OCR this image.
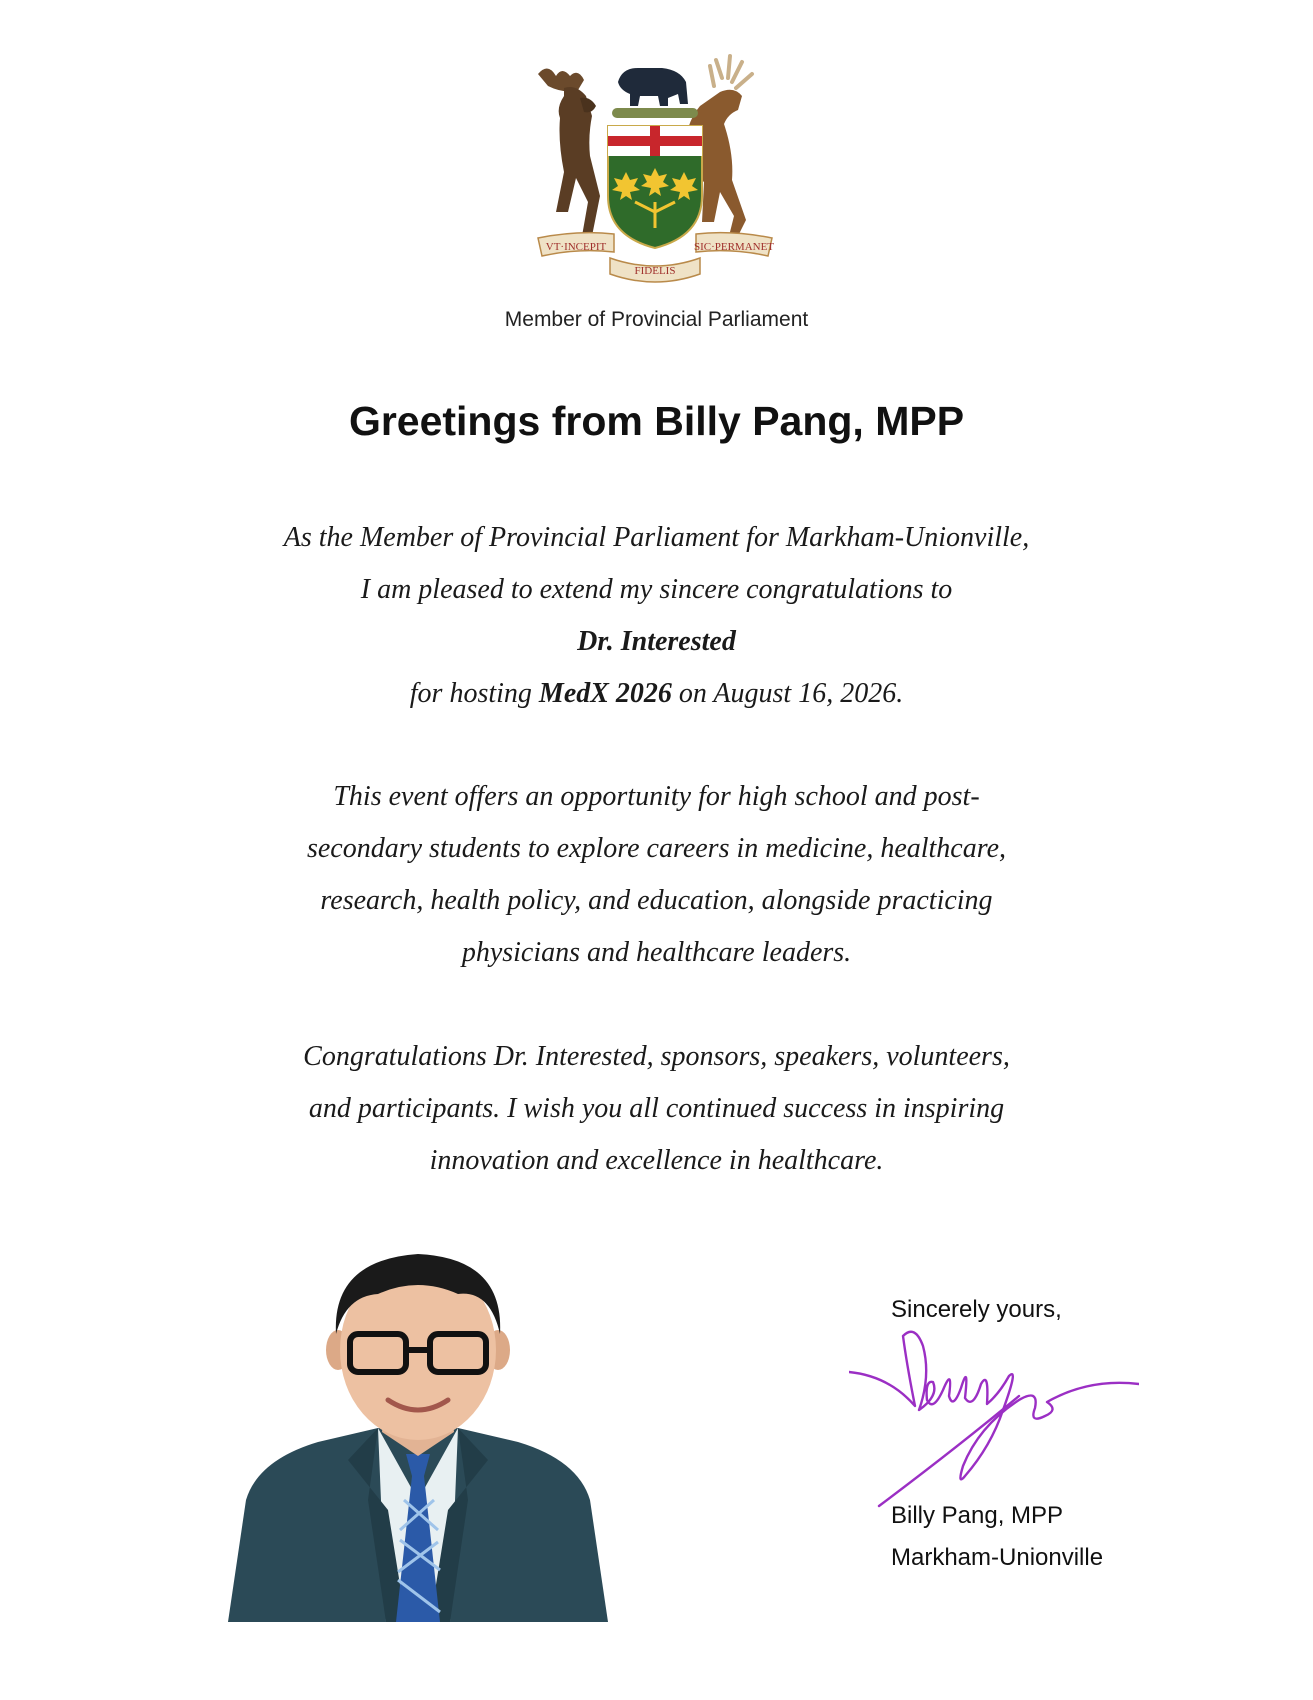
VT·INCEPIT	SIC·PERMANET
FIDELIS
Member of Provincial Parliament
Greetings from Billy Pang, MPP
As the Member of Provincial Parliament for Markham-Unionville,
I am pleased to extend my sincere congratulations to
Dr. Interested
for hosting MedX 2026 on August 16, 2026.
This event offers an opportunity for high school and post-
secondary students to explore careers in medicine, healthcare,
research, health policy, and education, alongside practicing
physicians and healthcare leaders.
Congratulations Dr. Interested, sponsors, speakers, volunteers,
and participants. I wish you all continued success in inspiring
innovation and excellence in healthcare.
Sincerely yours,
Billy Pang, MPP
Markham-Unionville
